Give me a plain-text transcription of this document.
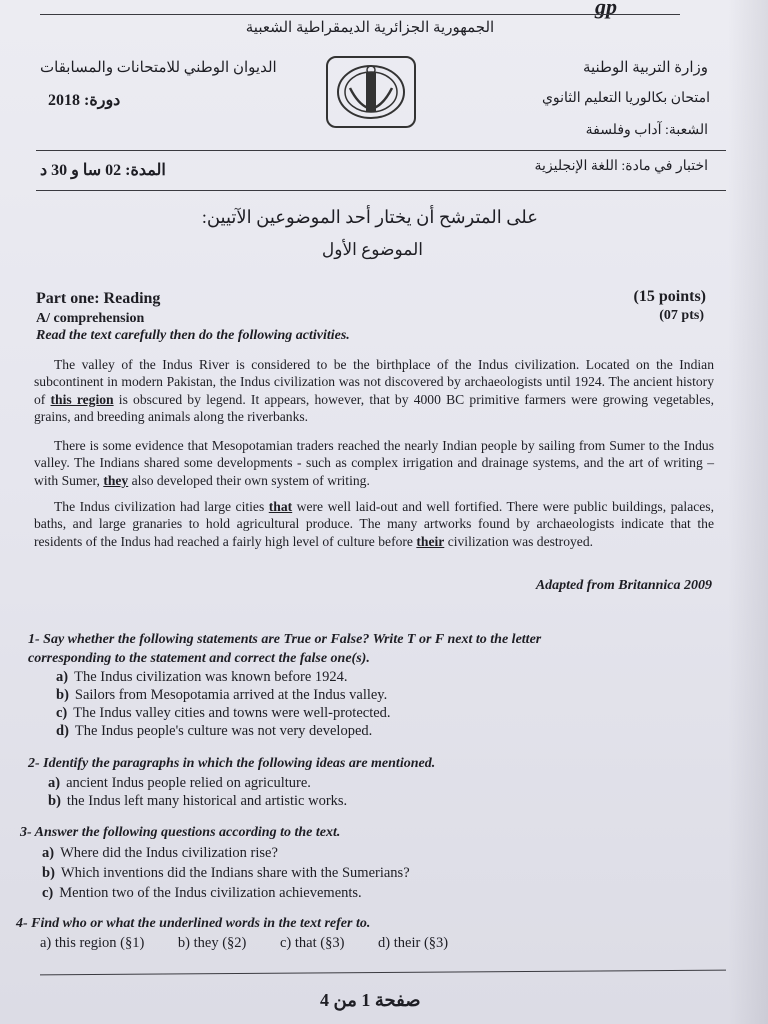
gp
الجمهورية الجزائرية الديمقراطية الشعبية
الديوان الوطني للامتحانات والمسابقات
دورة: 2018
وزارة التربية الوطنية
امتحان بكالوريا التعليم الثانوي
الشعبة: آداب وفلسفة
المدة: 02 سا و 30 د	اختبار في مادة: اللغة الإنجليزية
على المترشح أن يختار أحد الموضوعين الآتيين:
الموضوع الأول
Part one: Reading	(15 points)
A/ comprehension	(07 pts)
Read the text carefully then do the following activities.
The valley of the Indus River is considered to be the birthplace of the Indus civilization. Located on the Indian subcontinent in modern Pakistan, the Indus civilization was not discovered by archaeologists until 1924. The ancient history of this region is obscured by legend. It appears, however, that by 4000 BC primitive farmers were growing vegetables, grains, and breeding animals along the riverbanks.
There is some evidence that Mesopotamian traders reached the nearly Indian people by sailing from Sumer to the Indus valley. The Indians shared some developments - such as complex irrigation and drainage systems, and the art of writing – with Sumer, they also developed their own system of writing.
The Indus civilization had large cities that were well laid-out and well fortified. There were public buildings, palaces, baths, and large granaries to hold agricultural produce. The many artworks found by archaeologists indicate that the residents of the Indus had reached a fairly high level of culture before their civilization was destroyed.
Adapted from Britannica 2009
1- Say whether the following statements are True or False? Write T or F next to the letter
corresponding to the statement and correct the false one(s).
a) The Indus civilization was known before 1924.
b) Sailors from Mesopotamia arrived at the Indus valley.
c) The Indus valley cities and towns were well-protected.
d) The Indus people's culture was not very developed.
2- Identify the paragraphs in which the following ideas are mentioned.
a) ancient Indus people relied on agriculture.
b) the Indus left many historical and artistic works.
3- Answer the following questions according to the text.
a) Where did the Indus civilization rise?
b) Which inventions did the Indians share with the Sumerians?
c) Mention two of the Indus civilization achievements.
4- Find who or what the underlined words in the text refer to.
a) this region (§1) b) they (§2) c) that (§3) d) their (§3)
صفحة 1 من 4
